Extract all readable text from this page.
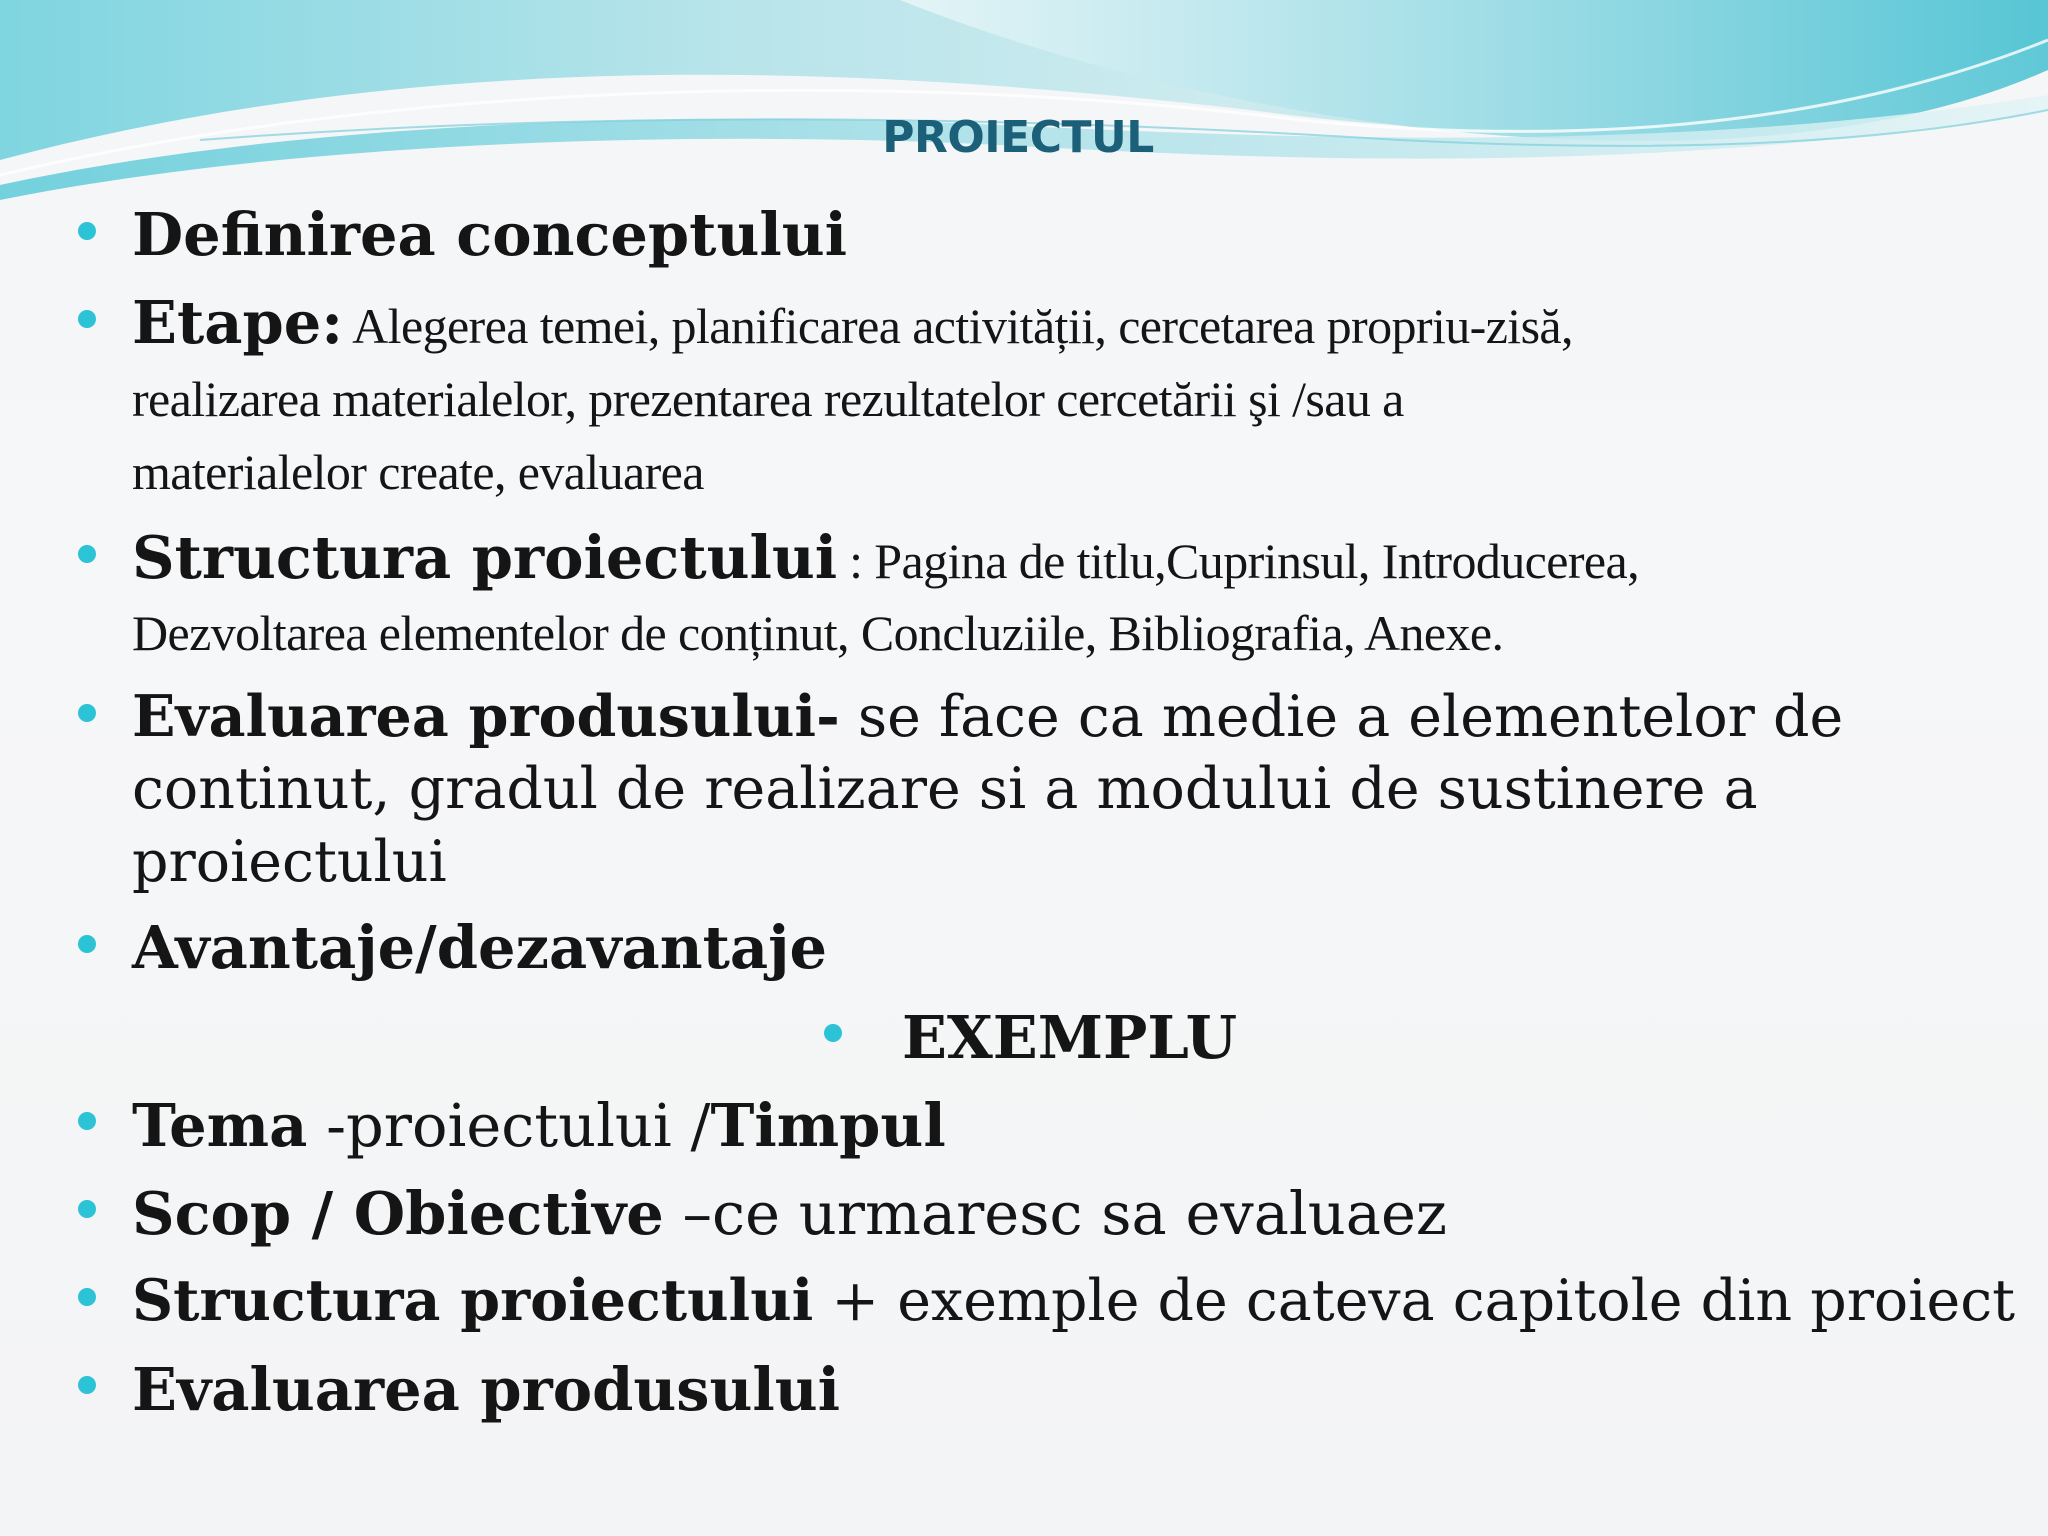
PROIECTUL
Definirea conceptului
Etape: Alegerea temei, planificarea activității, cercetarea propriu-zisă,
realizarea materialelor, prezentarea rezultatelor cercetării şi /sau a
materialelor create, evaluarea
Structura proiectului : Pagina de titlu,Cuprinsul, Introducerea,
Dezvoltarea elementelor de conținut, Concluziile, Bibliografia, Anexe.
Evaluarea produsului- se face ca medie a elementelor de
continut, gradul de realizare si a modului de sustinere a
proiectului
Avantaje/dezavantaje
EXEMPLU
Tema -proiectului /Timpul
Scop / Obiective –ce urmaresc sa evaluaez
Structura proiectului + exemple de cateva capitole din proiect
Evaluarea produsului
